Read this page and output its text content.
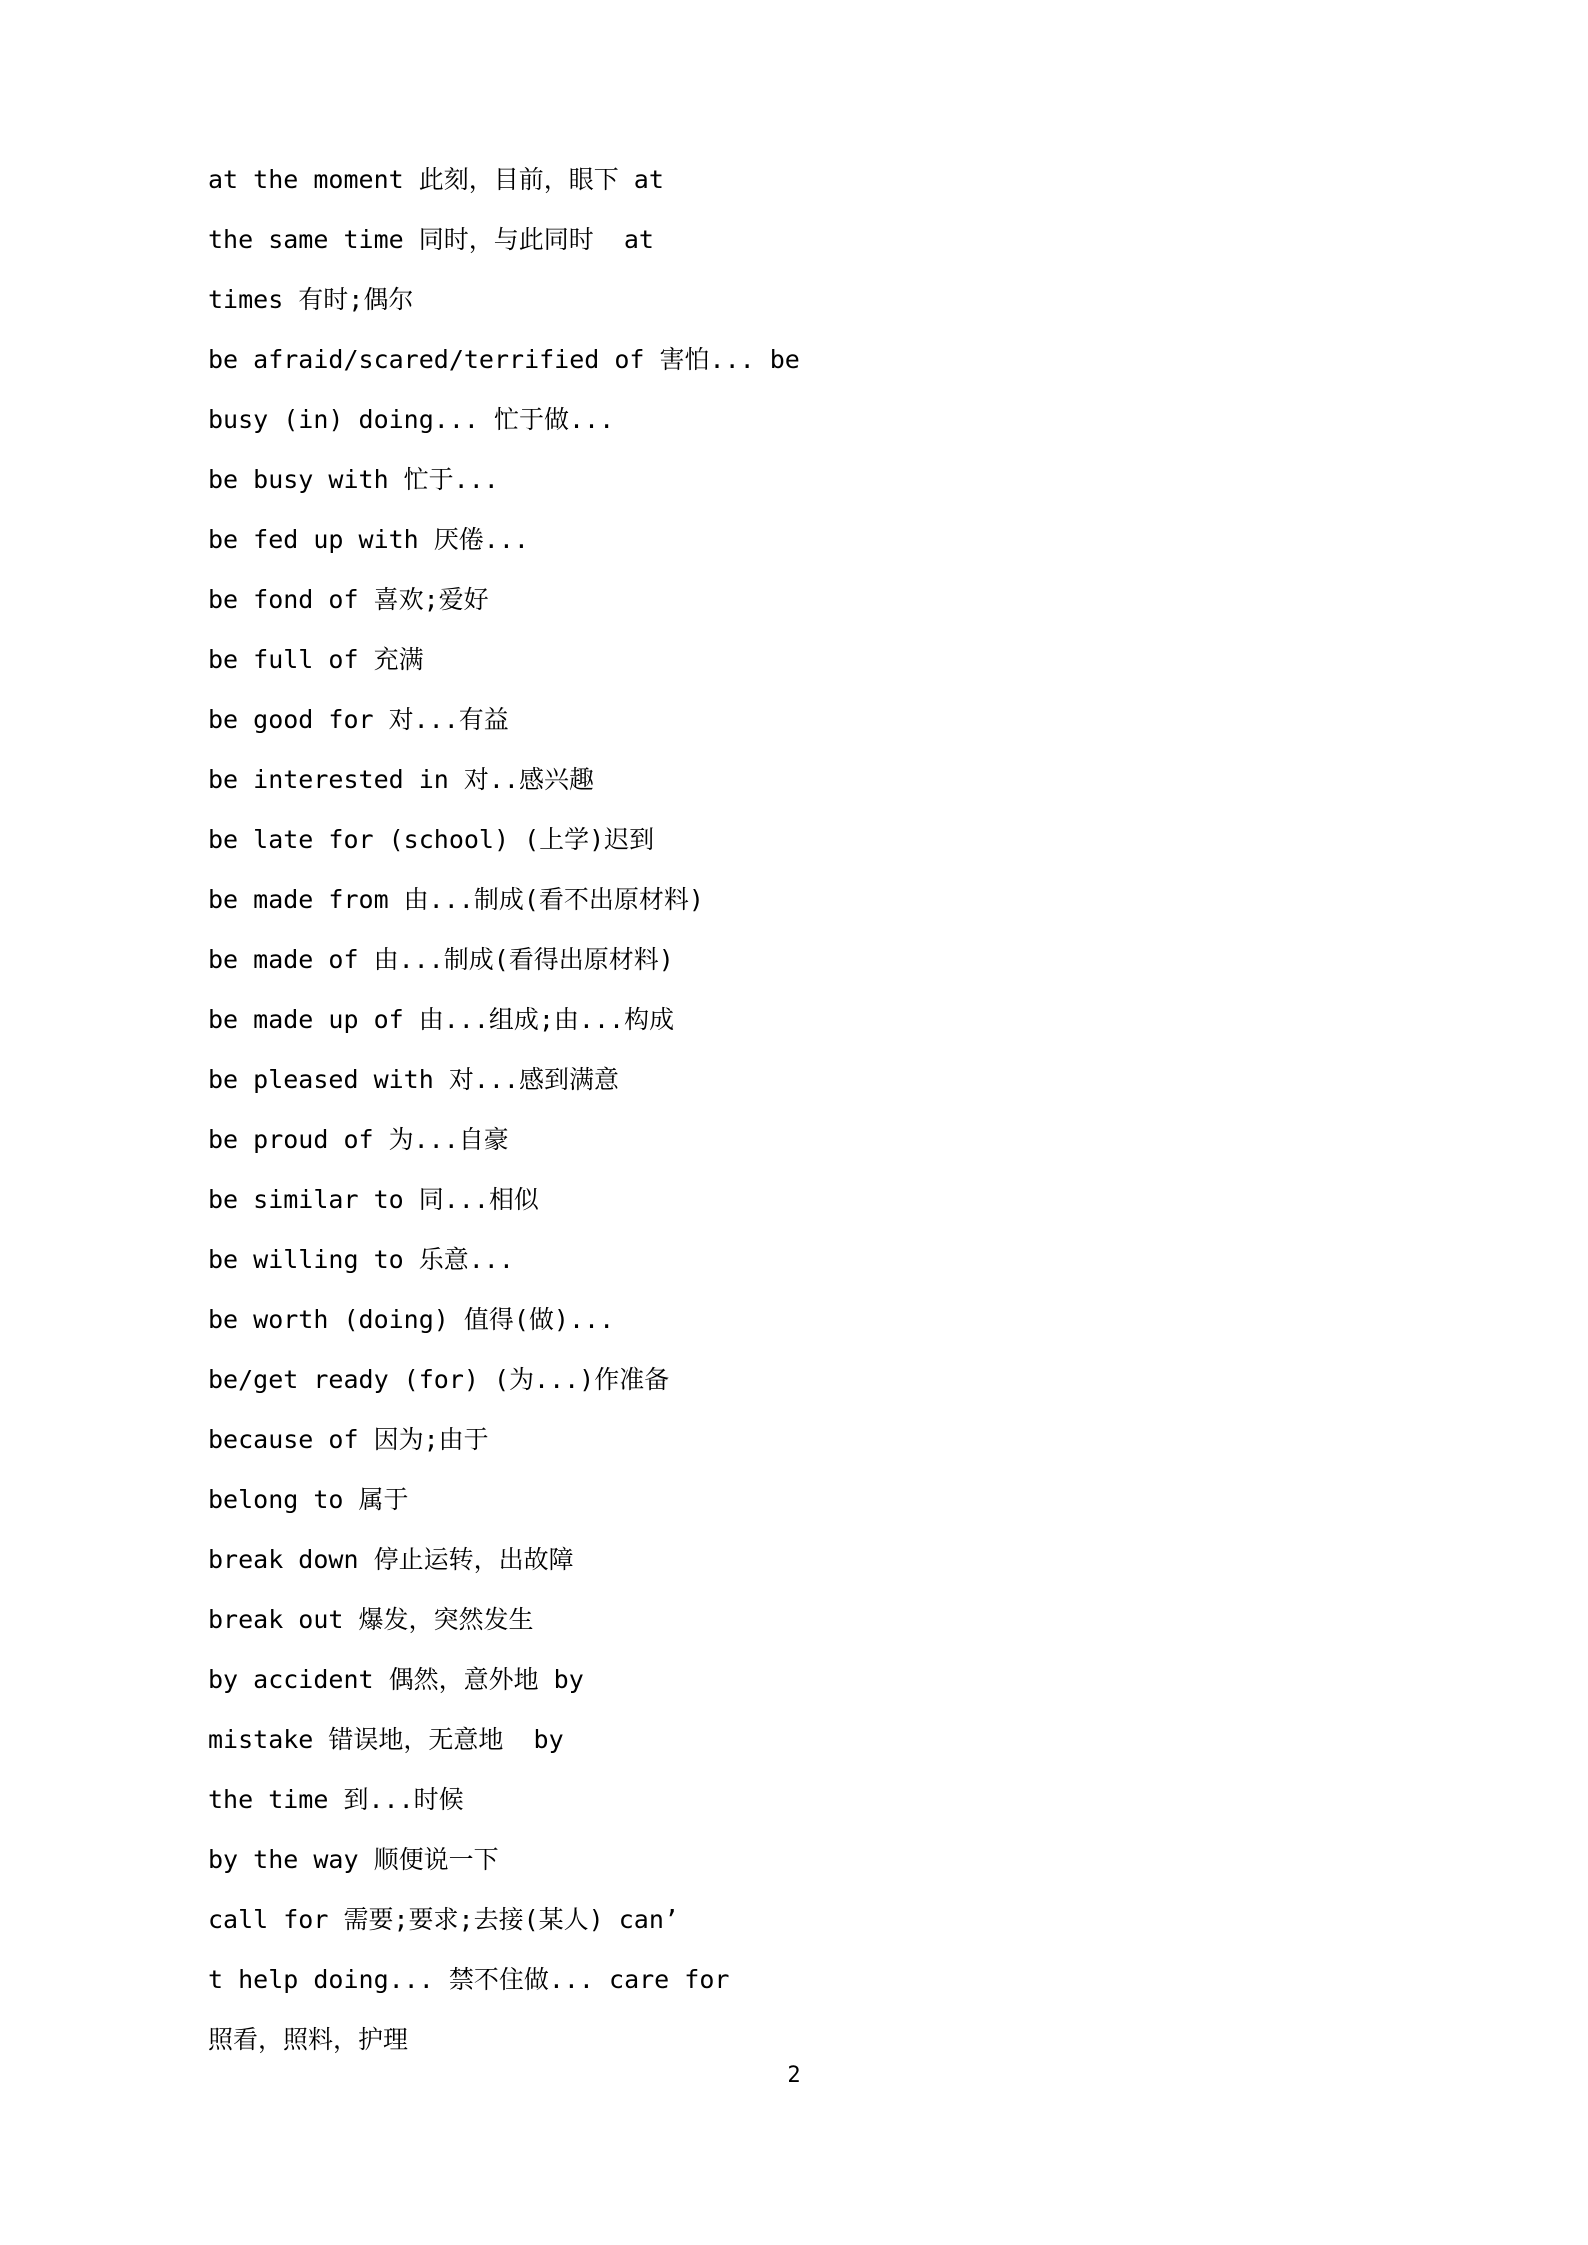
at the moment 此刻，目前，眼下 at
the same time 同时，与此同时  at
times 有时;偶尔
be afraid/scared/terrified of 害怕... be
busy (in) doing... 忙于做...
be busy with 忙于...
be fed up with 厌倦...
be fond of 喜欢;爱好
be full of 充满
be good for 对...有益
be interested in 对..感兴趣
be late for (school) (上学)迟到
be made from 由...制成(看不出原材料)
be made of 由...制成(看得出原材料)
be made up of 由...组成;由...构成
be pleased with 对...感到满意
be proud of 为...自豪
be similar to 同...相似
be willing to 乐意...
be worth (doing) 值得(做)...
be/get ready (for) (为...)作准备
because of 因为;由于
belong to 属于
break down 停止运转，出故障
break out 爆发，突然发生
by accident 偶然，意外地 by
mistake 错误地，无意地  by
the time 到...时候
by the way 顺便说一下
call for 需要;要求;去接(某人) can’
t help doing... 禁不住做... care for
照看，照料，护理
2
